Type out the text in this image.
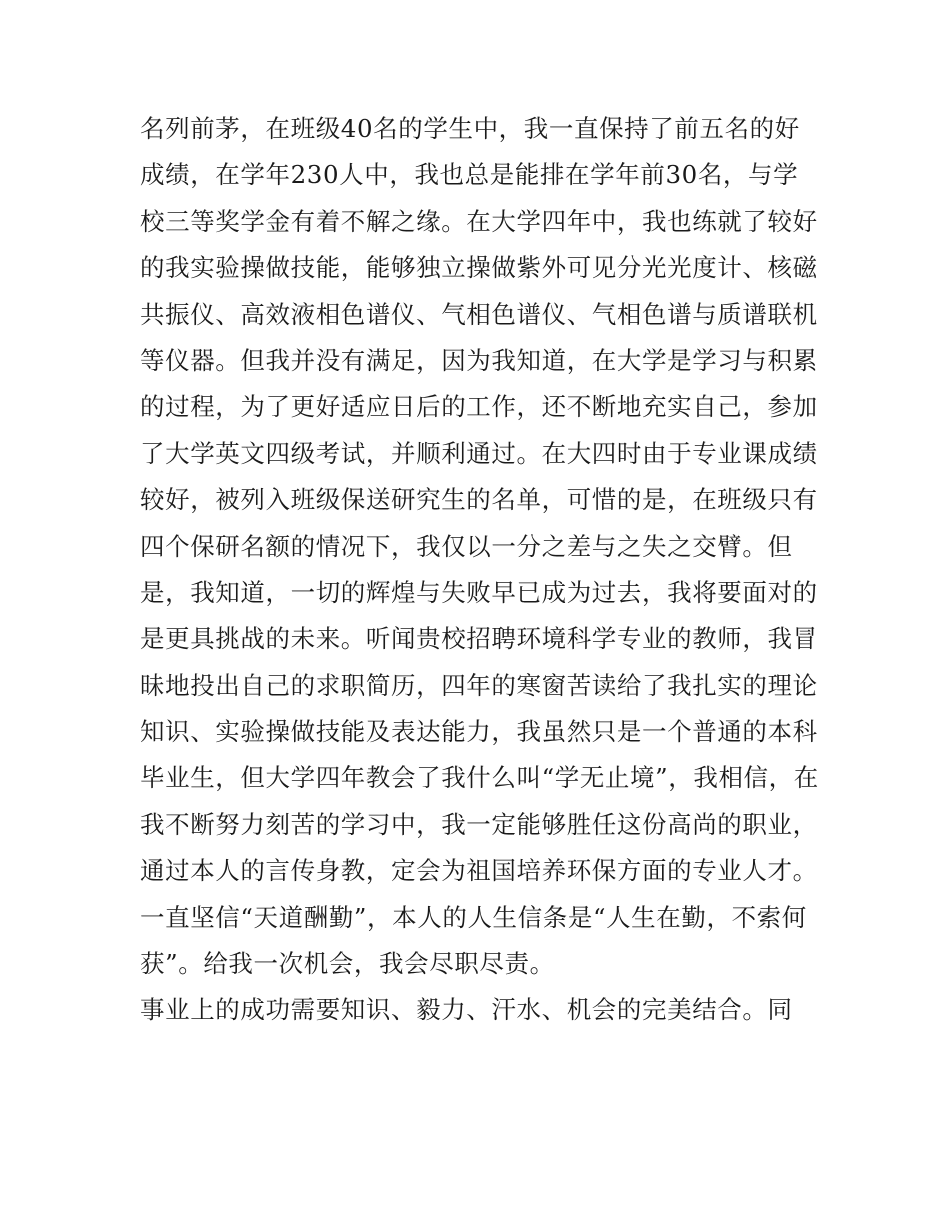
名列前茅，在班级40名的学生中，我一直保持了前五名的好
成绩，在学年230人中，我也总是能排在学年前30名，与学
校三等奖学金有着不解之缘。在大学四年中，我也练就了较好
的我实验操做技能，能够独立操做紫外可见分光光度计、核磁
共振仪、高效液相色谱仪、气相色谱仪、气相色谱与质谱联机
等仪器。但我并没有满足，因为我知道，在大学是学习与积累
的过程，为了更好适应日后的工作，还不断地充实自己，参加
了大学英文四级考试，并顺利通过。在大四时由于专业课成绩
较好，被列入班级保送研究生的名单，可惜的是，在班级只有
四个保研名额的情况下，我仅以一分之差与之失之交臂。但
是，我知道，一切的辉煌与失败早已成为过去，我将要面对的
是更具挑战的未来。听闻贵校招聘环境科学专业的教师，我冒
昧地投出自己的求职简历，四年的寒窗苦读给了我扎实的理论
知识、实验操做技能及表达能力，我虽然只是一个普通的本科
毕业生，但大学四年教会了我什么叫“学无止境”，我相信，在
我不断努力刻苦的学习中，我一定能够胜任这份高尚的职业，
通过本人的言传身教，定会为祖国培养环保方面的专业人才。
一直坚信“天道酬勤”，本人的人生信条是“人生在勤，不索何
获”。给我一次机会，我会尽职尽责。
事业上的成功需要知识、毅力、汗水、机会的完美结合。同
